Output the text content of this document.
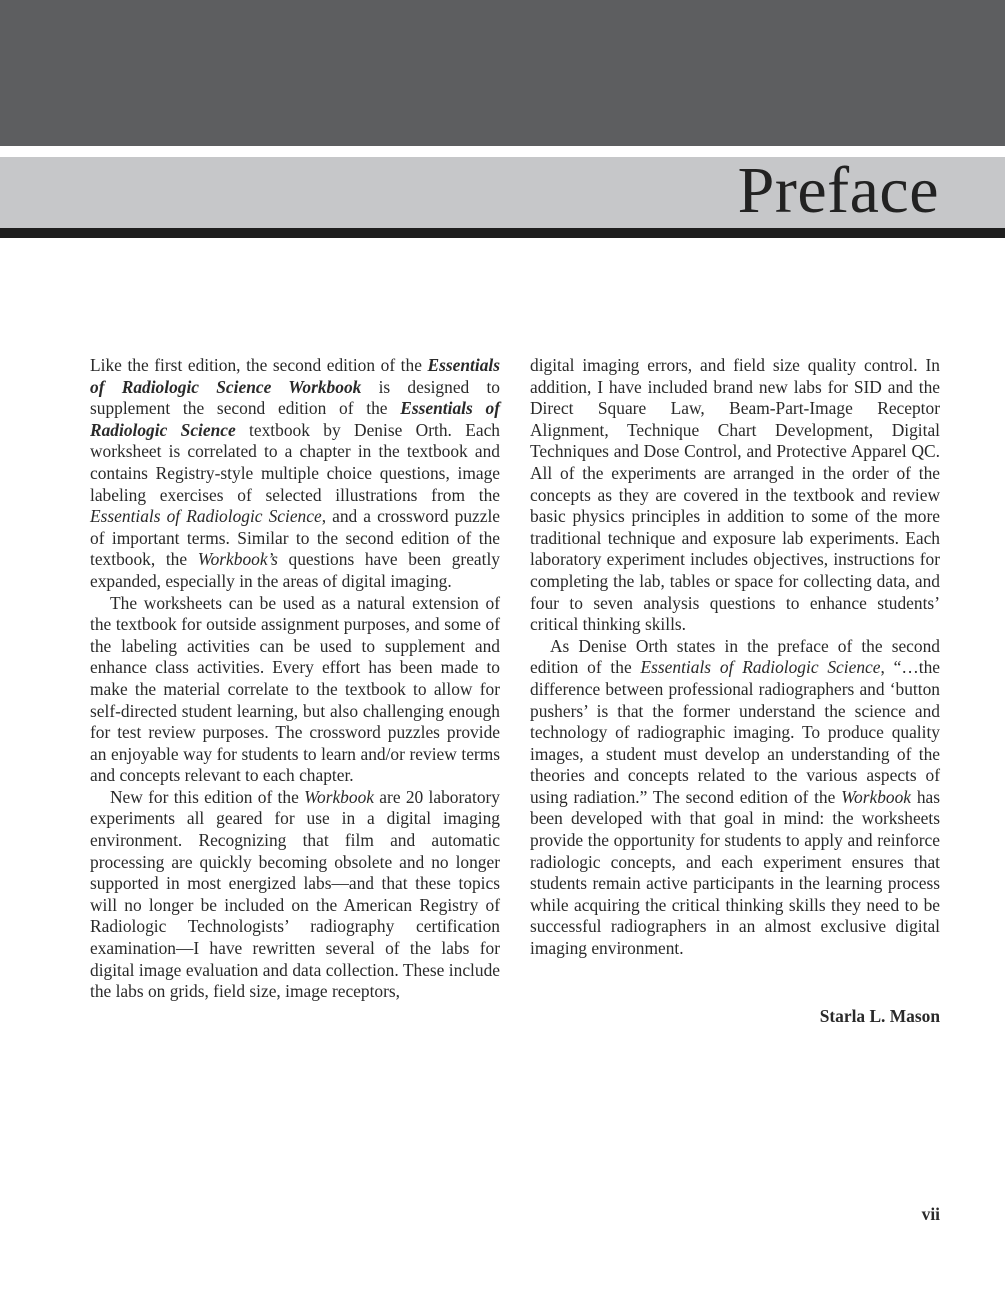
Preface

Like the first edition, the second edition of the Essentials of Radiologic Science Workbook is designed to supplement the second edition of the Essentials of Radiologic Science textbook by Denise Orth. Each worksheet is correlated to a chapter in the textbook and contains Registry-style multiple choice questions, image labeling exercises of selected illustrations from the Essentials of Radiologic Science, and a crossword puzzle of important terms. Similar to the second edition of the textbook, the Workbook’s questions have been greatly expanded, especially in the areas of digital imaging.

The worksheets can be used as a natural extension of the textbook for outside assignment purposes, and some of the labeling activities can be used to supplement and enhance class activities. Every effort has been made to make the material correlate to the textbook to allow for self-directed student learning, but also challenging enough for test review purposes. The crossword puzzles provide an enjoyable way for students to learn and/or review terms and concepts relevant to each chapter.

New for this edition of the Workbook are 20 laboratory experiments all geared for use in a digital imaging environment. Recognizing that film and automatic processing are quickly becoming obsolete and no longer supported in most energized labs—and that these topics will no longer be included on the American Registry of Radiologic Technologists’ radiography certification examination—I have rewritten several of the labs for digital image evaluation and data collection. These include the labs on grids, field size, image receptors,

digital imaging errors, and field size quality control. In addition, I have included brand new labs for SID and the Direct Square Law, Beam-Part-Image Receptor Alignment, Technique Chart Development, Digital Techniques and Dose Control, and Protective Apparel QC. All of the experiments are arranged in the order of the concepts as they are covered in the textbook and review basic physics principles in addition to some of the more traditional technique and exposure lab experiments. Each laboratory experiment includes objectives, instructions for completing the lab, tables or space for collecting data, and four to seven analysis questions to enhance students’ critical thinking skills.

As Denise Orth states in the preface of the second edition of the Essentials of Radiologic Science, “…the difference between professional radiographers and ‘button pushers’ is that the former understand the science and technology of radiographic imaging. To produce quality images, a student must develop an understanding of the theories and concepts related to the various aspects of using radiation.” The second edition of the Workbook has been developed with that goal in mind: the worksheets provide the opportunity for students to apply and reinforce radiologic concepts, and each experiment ensures that students remain active participants in the learning process while acquiring the critical thinking skills they need to be successful radiographers in an almost exclusive digital imaging environment.

Starla L. Mason

vii
